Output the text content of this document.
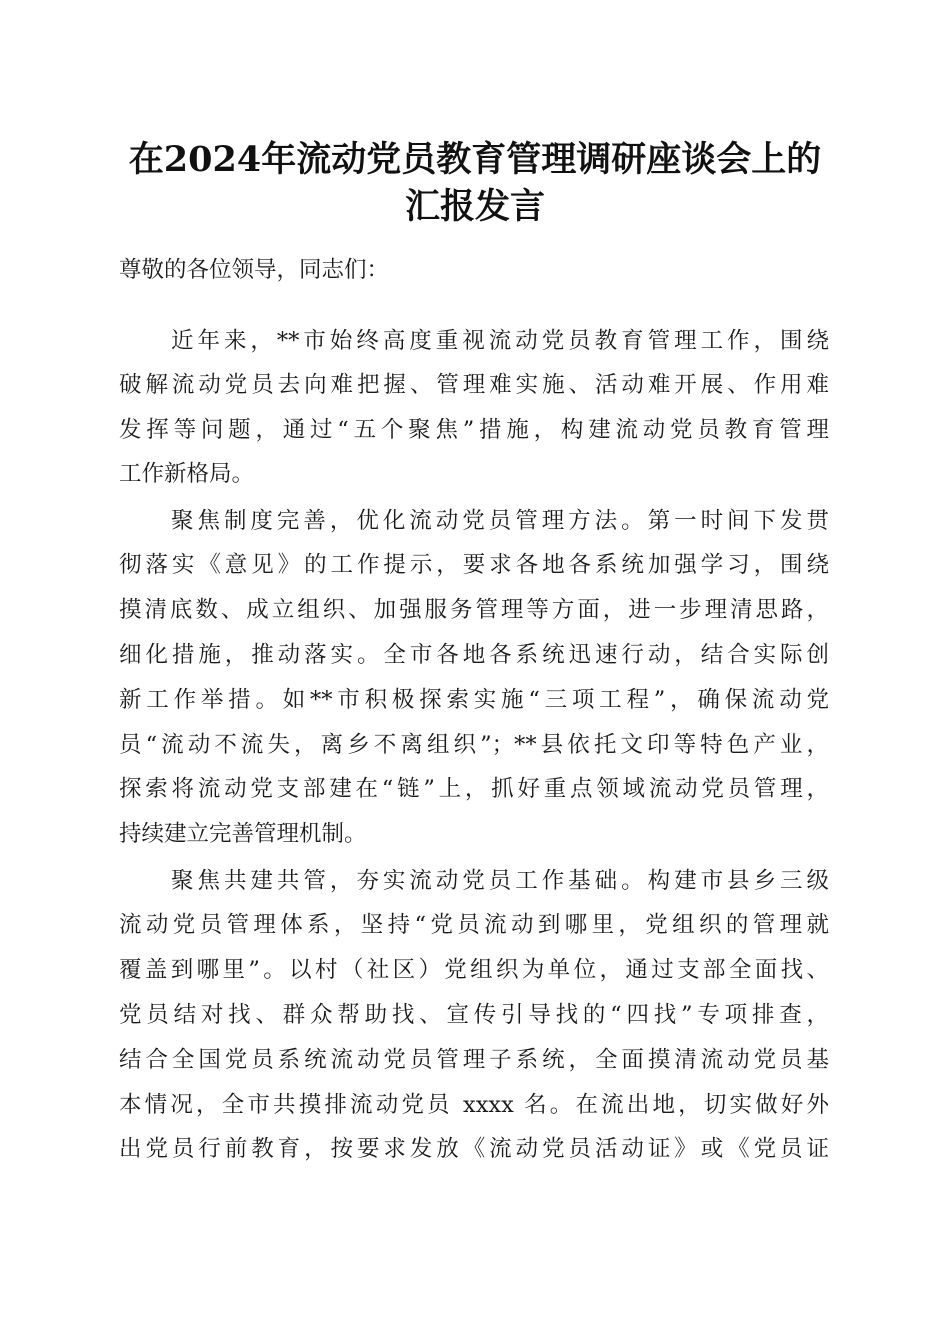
在2024年流动党员教育管理调研座谈会上的
汇报发言
尊敬的各位领导，同志们：
近年来，**市始终高度重视流动党员教育管理工作，围绕
破解流动党员去向难把握、管理难实施、活动难开展、作用难
发挥等问题，通过“五个聚焦”措施，构建流动党员教育管理
工作新格局。
聚焦制度完善，优化流动党员管理方法。第一时间下发贯
彻落实《意见》的工作提示，要求各地各系统加强学习，围绕
摸清底数、成立组织、加强服务管理等方面，进一步理清思路，
细化措施，推动落实。全市各地各系统迅速行动，结合实际创
新工作举措。如**市积极探索实施“三项工程”，确保流动党
员“流动不流失，离乡不离组织”；**县依托文印等特色产业，
探索将流动党支部建在“链”上，抓好重点领域流动党员管理，
持续建立完善管理机制。
聚焦共建共管，夯实流动党员工作基础。构建市县乡三级
流动党员管理体系，坚持“党员流动到哪里，党组织的管理就
覆盖到哪里”。以村（社区）党组织为单位，通过支部全面找、
党员结对找、群众帮助找、宣传引导找的“四找”专项排查，
结合全国党员系统流动党员管理子系统，全面摸清流动党员基
本情况，全市共摸排流动党员 xxxx 名。在流出地，切实做好外
出党员行前教育，按要求发放《流动党员活动证》或《党员证
